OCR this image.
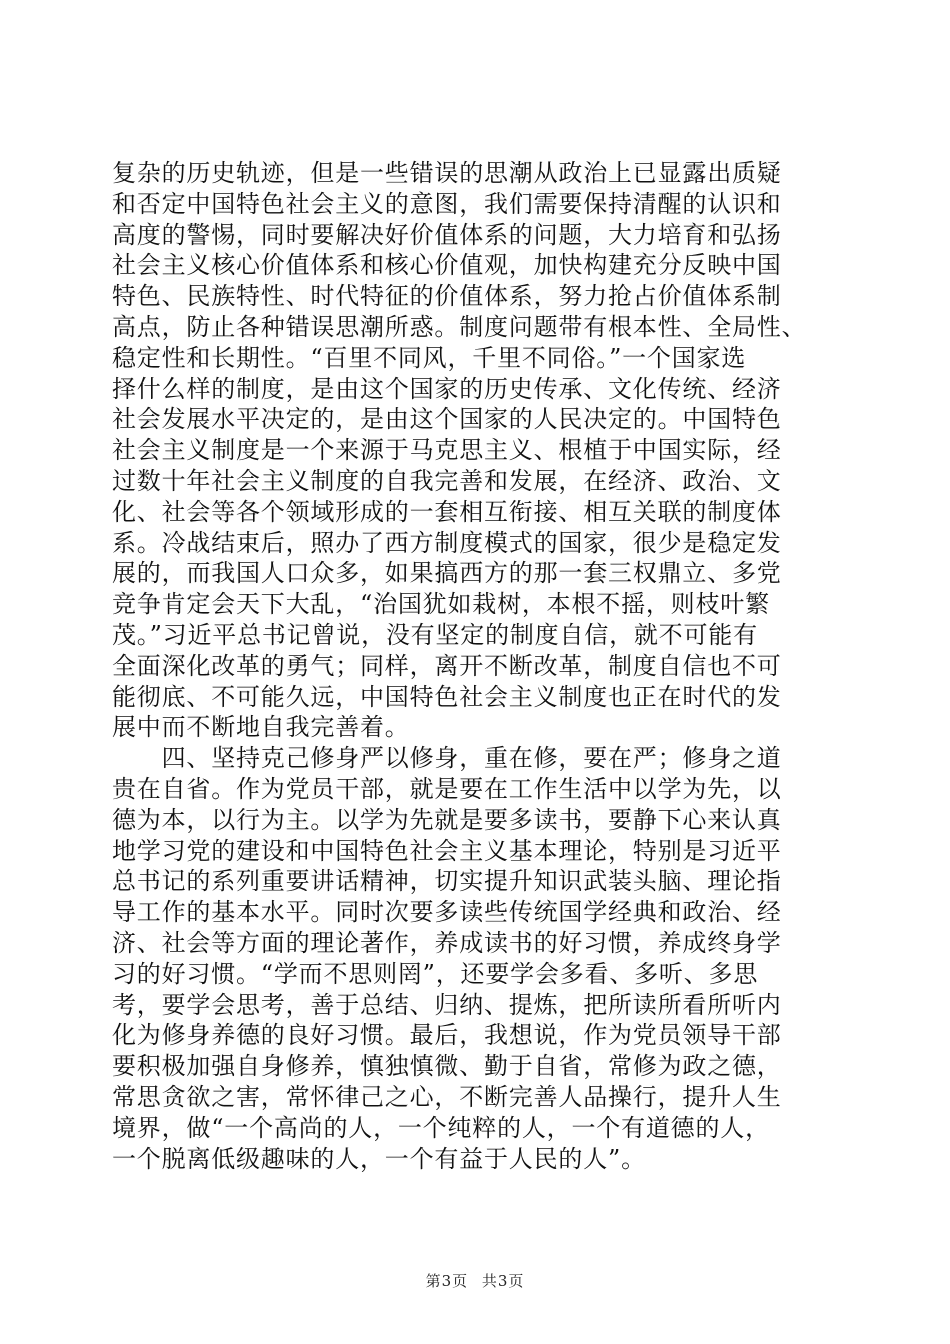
复杂的历史轨迹，但是一些错误的思潮从政治上已显露出质疑
和否定中国特色社会主义的意图，我们需要保持清醒的认识和
高度的警惕，同时要解决好价值体系的问题，大力培育和弘扬
社会主义核心价值体系和核心价值观，加快构建充分反映中国
特色、民族特性、时代特征的价值体系，努力抢占价值体系制
高点，防止各种错误思潮所惑。制度问题带有根本性、全局性、
稳定性和长期性。“百里不同风，千里不同俗。”一个国家选
择什么样的制度，是由这个国家的历史传承、文化传统、经济
社会发展水平决定的，是由这个国家的人民决定的。中国特色
社会主义制度是一个来源于马克思主义、根植于中国实际，经
过数十年社会主义制度的自我完善和发展，在经济、政治、文
化、社会等各个领域形成的一套相互衔接、相互关联的制度体
系。冷战结束后，照办了西方制度模式的国家，很少是稳定发
展的，而我国人口众多，如果搞西方的那一套三权鼎立、多党
竞争肯定会天下大乱，“治国犹如栽树，本根不摇，则枝叶繁
茂。”习近平总书记曾说，没有坚定的制度自信，就不可能有
全面深化改革的勇气；同样，离开不断改革，制度自信也不可
能彻底、不可能久远，中国特色社会主义制度也正在时代的发
展中而不断地自我完善着。
　　四、坚持克己修身严以修身，重在修，要在严；修身之道
贵在自省。作为党员干部，就是要在工作生活中以学为先，以
德为本，以行为主。以学为先就是要多读书，要静下心来认真
地学习党的建设和中国特色社会主义基本理论，特别是习近平
总书记的系列重要讲话精神，切实提升知识武装头脑、理论指
导工作的基本水平。同时次要多读些传统国学经典和政治、经
济、社会等方面的理论著作，养成读书的好习惯，养成终身学
习的好习惯。“学而不思则罔”，还要学会多看、多听、多思
考，要学会思考，善于总结、归纳、提炼，把所读所看所听内
化为修身养德的良好习惯。最后，我想说，作为党员领导干部
要积极加强自身修养，慎独慎微、勤于自省，常修为政之德，
常思贪欲之害，常怀律己之心，不断完善人品操行，提升人生
境界，做“一个高尚的人，一个纯粹的人，一个有道德的人，
一个脱离低级趣味的人，一个有益于人民的人”。
第3页 共3页
